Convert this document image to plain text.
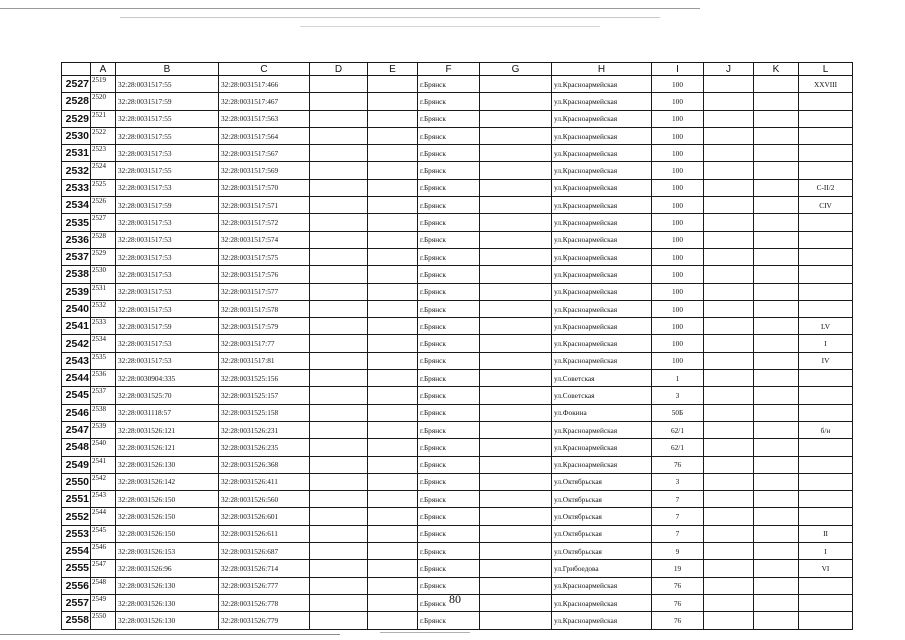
	A	B	C	D	E	F	G	H	I	J	K	L
2527	2519	32:28:0031517:55	32:28:0031517:466			г.Брянск		ул.Красноармейская	100			XXVIII
2528	2520	32:28:0031517:59	32:28:0031517:467			г.Брянск		ул.Красноармейская	100			
2529	2521	32:28:0031517:55	32:28:0031517:563			г.Брянск		ул.Красноармейская	100			
2530	2522	32:28:0031517:55	32:28:0031517:564			г.Брянск		ул.Красноармейская	100			
2531	2523	32:28:0031517:53	32:28:0031517:567			г.Брянск		ул.Красноармейская	100			
2532	2524	32:28:0031517:55	32:28:0031517:569			г.Брянск		ул.Красноармейская	100			
2533	2525	32:28:0031517:53	32:28:0031517:570			г.Брянск		ул.Красноармейская	100			C-II/2
2534	2526	32:28:0031517:59	32:28:0031517:571			г.Брянск		ул.Красноармейская	100			CIV
2535	2527	32:28:0031517:53	32:28:0031517:572			г.Брянск		ул.Красноармейская	100			
2536	2528	32:28:0031517:53	32:28:0031517:574			г.Брянск		ул.Красноармейская	100			
2537	2529	32:28:0031517:53	32:28:0031517:575			г.Брянск		ул.Красноармейская	100			
2538	2530	32:28:0031517:53	32:28:0031517:576			г.Брянск		ул.Красноармейская	100			
2539	2531	32:28:0031517:53	32:28:0031517:577			г.Брянск		ул.Красноармейская	100			
2540	2532	32:28:0031517:53	32:28:0031517:578			г.Брянск		ул.Красноармейская	100			
2541	2533	32:28:0031517:59	32:28:0031517:579			г.Брянск		ул.Красноармейская	100			LV
2542	2534	32:28:0031517:53	32:28:0031517:77			г.Брянск		ул.Красноармейская	100			I
2543	2535	32:28:0031517:53	32:28:0031517:81			г.Брянск		ул.Красноармейская	100			IV
2544	2536	32:28:0030904:335	32:28:0031525:156			г.Брянск		ул.Советская	1			
2545	2537	32:28:0031525:70	32:28:0031525:157			г.Брянск		ул.Советская	3			
2546	2538	32:28:0031118:57	32:28:0031525:158			г.Брянск		ул.Фокина	50Б			
2547	2539	32:28:0031526:121	32:28:0031526:231			г.Брянск		ул.Красноармейская	62/1			б/н
2548	2540	32:28:0031526:121	32:28:0031526:235			г.Брянск		ул.Красноармейская	62/1			
2549	2541	32:28:0031526:130	32:28:0031526:368			г.Брянск		ул.Красноармейская	76			
2550	2542	32:28:0031526:142	32:28:0031526:411			г.Брянск		ул.Октябрьская	3			
2551	2543	32:28:0031526:150	32:28:0031526:560			г.Брянск		ул.Октябрьская	7			
2552	2544	32:28:0031526:150	32:28:0031526:601			г.Брянск		ул.Октябрьская	7			
2553	2545	32:28:0031526:150	32:28:0031526:611			г.Брянск		ул.Октябрьская	7			II
2554	2546	32:28:0031526:153	32:28:0031526:687			г.Брянск		ул.Октябрьская	9			I
2555	2547	32:28:0031526:96	32:28:0031526:714			г.Брянск		ул.Грибоедова	19			VI
2556	2548	32:28:0031526:130	32:28:0031526:777			г.Брянск		ул.Красноармейская	76			
2557	2549	32:28:0031526:130	32:28:0031526:778			г.Брянск		ул.Красноармейская	76			
2558	2550	32:28:0031526:130	32:28:0031526:779			г.Брянск		ул.Красноармейская	76			
80
